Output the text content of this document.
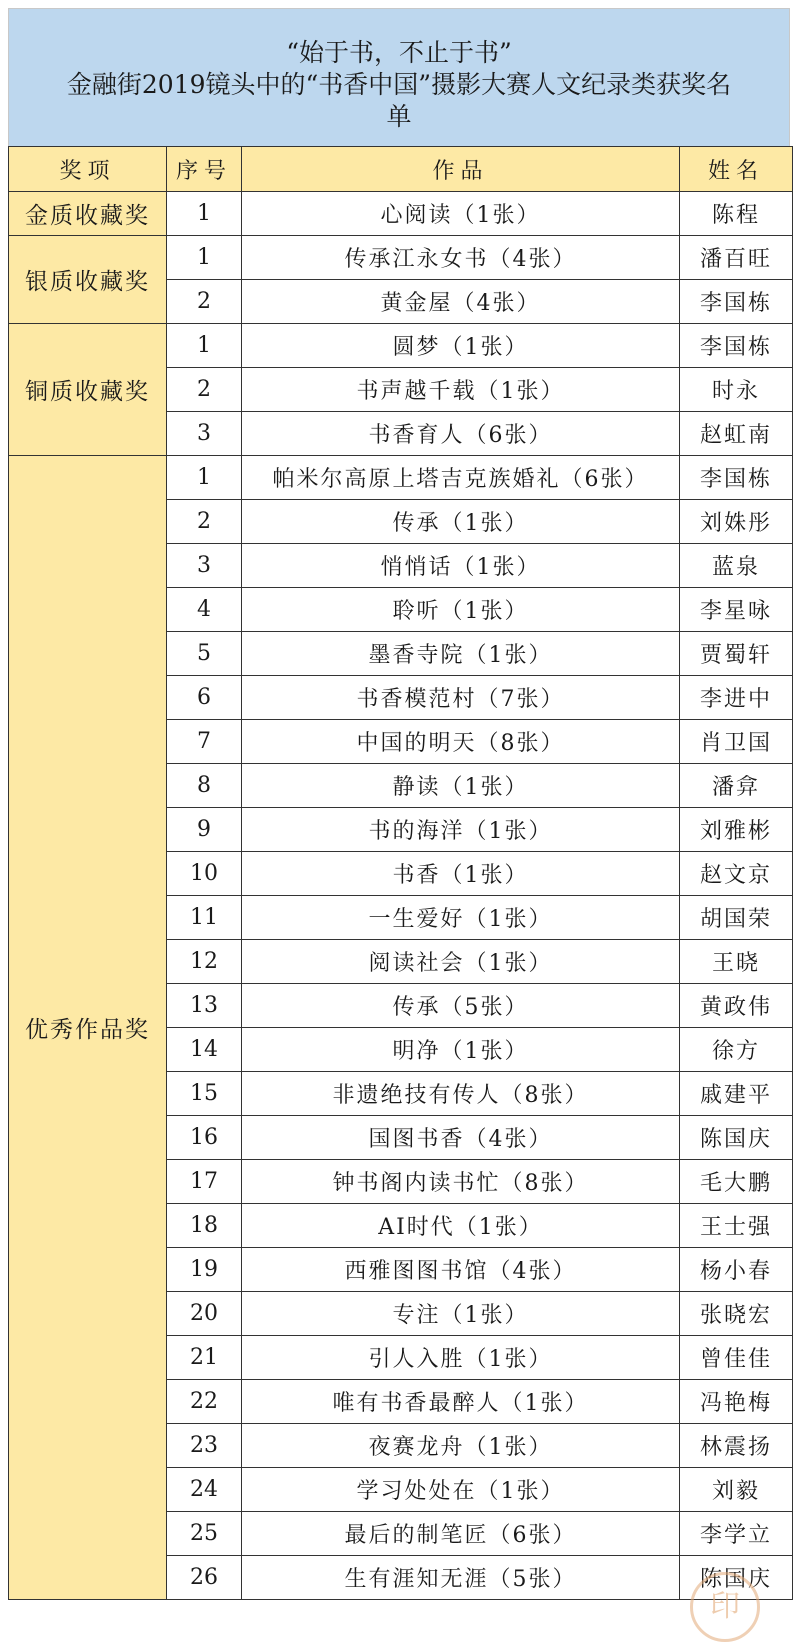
“始于书，不止于书”
金融街2019镜头中的“书香中国”摄影大赛人文纪录类获奖名
单
奖项	序号	作品	姓名
金质收藏奖	1	心阅读（1张）	陈程
银质收藏奖	1	传承江永女书（4张）	潘百旺
	2	黄金屋（4张）	李国栋
铜质收藏奖	1	圆梦（1张）	李国栋
	2	书声越千载（1张）	时永
	3	书香育人（6张）	赵虹南
优秀作品奖	1	帕米尔高原上塔吉克族婚礼（6张）	李国栋
	2	传承（1张）	刘姝彤
	3	悄悄话（1张）	蓝泉
	4	聆听（1张）	李星咏
	5	墨香寺院（1张）	贾蜀轩
	6	书香模范村（7张）	李进中
	7	中国的明天（8张）	肖卫国
	8	静读（1张）	潘弇
	9	书的海洋（1张）	刘雅彬
	10	书香（1张）	赵文京
	11	一生爱好（1张）	胡国荣
	12	阅读社会（1张）	王晓
	13	传承（5张）	黄政伟
	14	明净（1张）	徐方
	15	非遗绝技有传人（8张）	戚建平
	16	国图书香（4张）	陈国庆
	17	钟书阁内读书忙（8张）	毛大鹏
	18	AI时代（1张）	王士强
	19	西雅图图书馆（4张）	杨小春
	20	专注（1张）	张晓宏
	21	引人入胜（1张）	曾佳佳
	22	唯有书香最醉人（1张）	冯艳梅
	23	夜赛龙舟（1张）	林震扬
	24	学习处处在（1张）	刘毅
	25	最后的制笔匠（6张）	李学立
	26	生有涯知无涯（5张）	陈国庆
印
